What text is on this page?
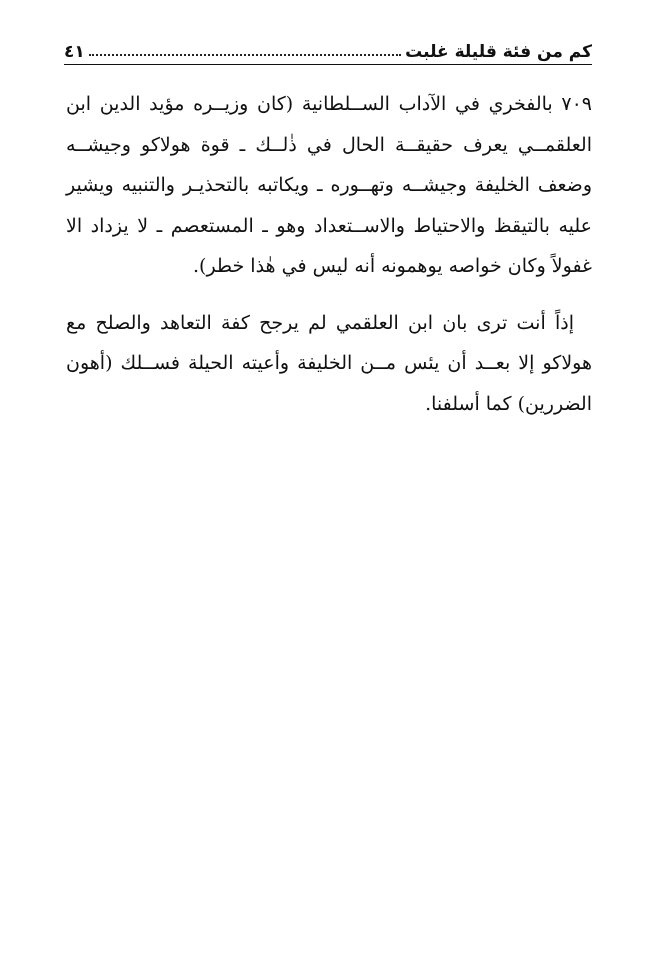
كم من فئة قليلة غلبت
٤١

٧٠٩ بالفخري في الآداب الســلطانية (كان وزيــره مؤيد الدين ابن العلقمــي يعرف حقيقــة الحال في ذٰلــك ـ قوة هولاكو وجيشــه وضعف الخليفة وجيشــه وتهــوره ـ ويكاتبه بالتحذيـر والتنبيه ويشير عليه بالتيقظ والاحتياط والاســتعداد وهو ـ المستعصم ـ لا يزداد الا غفولاً وكان خواصه يوهمونه أنه ليس في هٰذا خطر).

إذاً أنت ترى بان ابن العلقمي لم يرجح كفة التعاهد والصلح مع هولاكو إلا بعــد أن يئس مــن الخليفة وأعيته الحيلة فســلك (أهون الضررين) كما أسلفنا.
